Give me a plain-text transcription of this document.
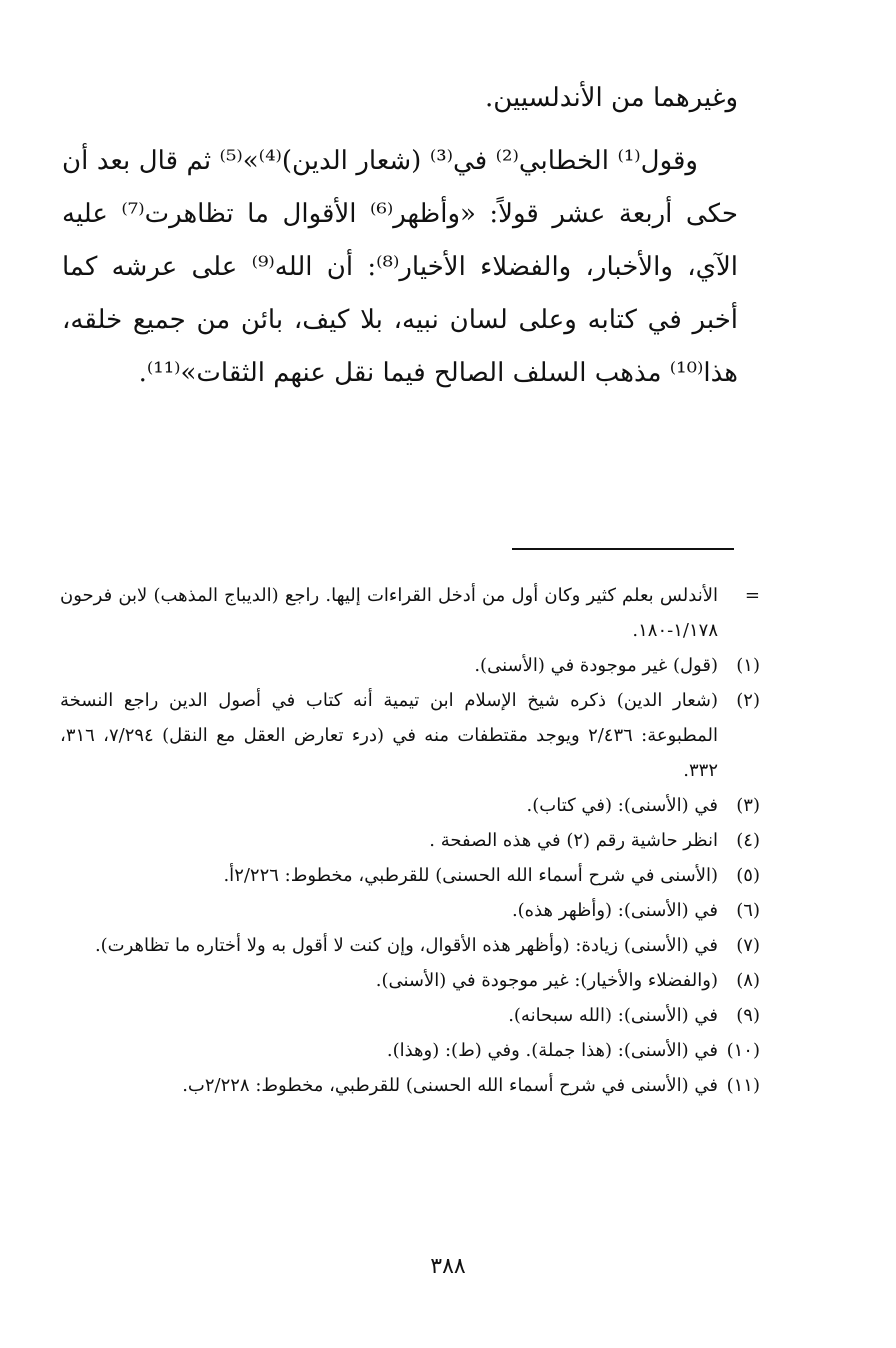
وغيرهما من الأندلسيين.

وقول⁽¹⁾ الخطابي⁽²⁾ في⁽³⁾ (شعار الدين)⁽⁴⁾»⁽⁵⁾ ثم قال بعد أن حكى أربعة عشر قولاً: «وأظهر⁽⁶⁾ الأقوال ما تظاهرت⁽⁷⁾ عليه الآي، والأخبار، والفضلاء الأخيار⁽⁸⁾: أن الله⁽⁹⁾ على عرشه كما أخبر في كتابه وعلى لسان نبيه، بلا كيف، بائن من جميع خلقه، هذا⁽¹⁰⁾ مذهب السلف الصالح فيما نقل عنهم الثقات»⁽¹¹⁾.

=
الأندلس بعلم كثير وكان أول من أدخل القراءات إليها. راجع (الديباج المذهب) لابن فرحون ١/١٧٨-١٨٠.
(١)
(قول) غير موجودة في (الأسنى).
(٢)
(شعار الدين) ذكره شيخ الإسلام ابن تيمية أنه كتاب في أصول الدين راجع النسخة المطبوعة: ٢/٤٣٦ ويوجد مقتطفات منه في (درء تعارض العقل مع النقل) ٧/٢٩٤، ٣١٦، ٣٣٢.
(٣)
في (الأسنى): (في كتاب).
(٤)
انظر حاشية رقم (٢) في هذه الصفحة .
(٥)
(الأسنى في شرح أسماء الله الحسنى) للقرطبي، مخطوط: ٢/٢٢٦أ.
(٦)
في (الأسنى): (وأظهر هذه).
(٧)
في (الأسنى) زيادة: (وأظهر هذه الأقوال، وإن كنت لا أقول به ولا أختاره ما تظاهرت).
(٨)
(والفضلاء والأخيار): غير موجودة في (الأسنى).
(٩)
في (الأسنى): (الله سبحانه).
(١٠)
في (الأسنى): (هذا جملة). وفي (ط): (وهذا).
(١١)
في (الأسنى في شرح أسماء الله الحسنى) للقرطبي، مخطوط: ٢/٢٢٨ب.
٣٨٨
